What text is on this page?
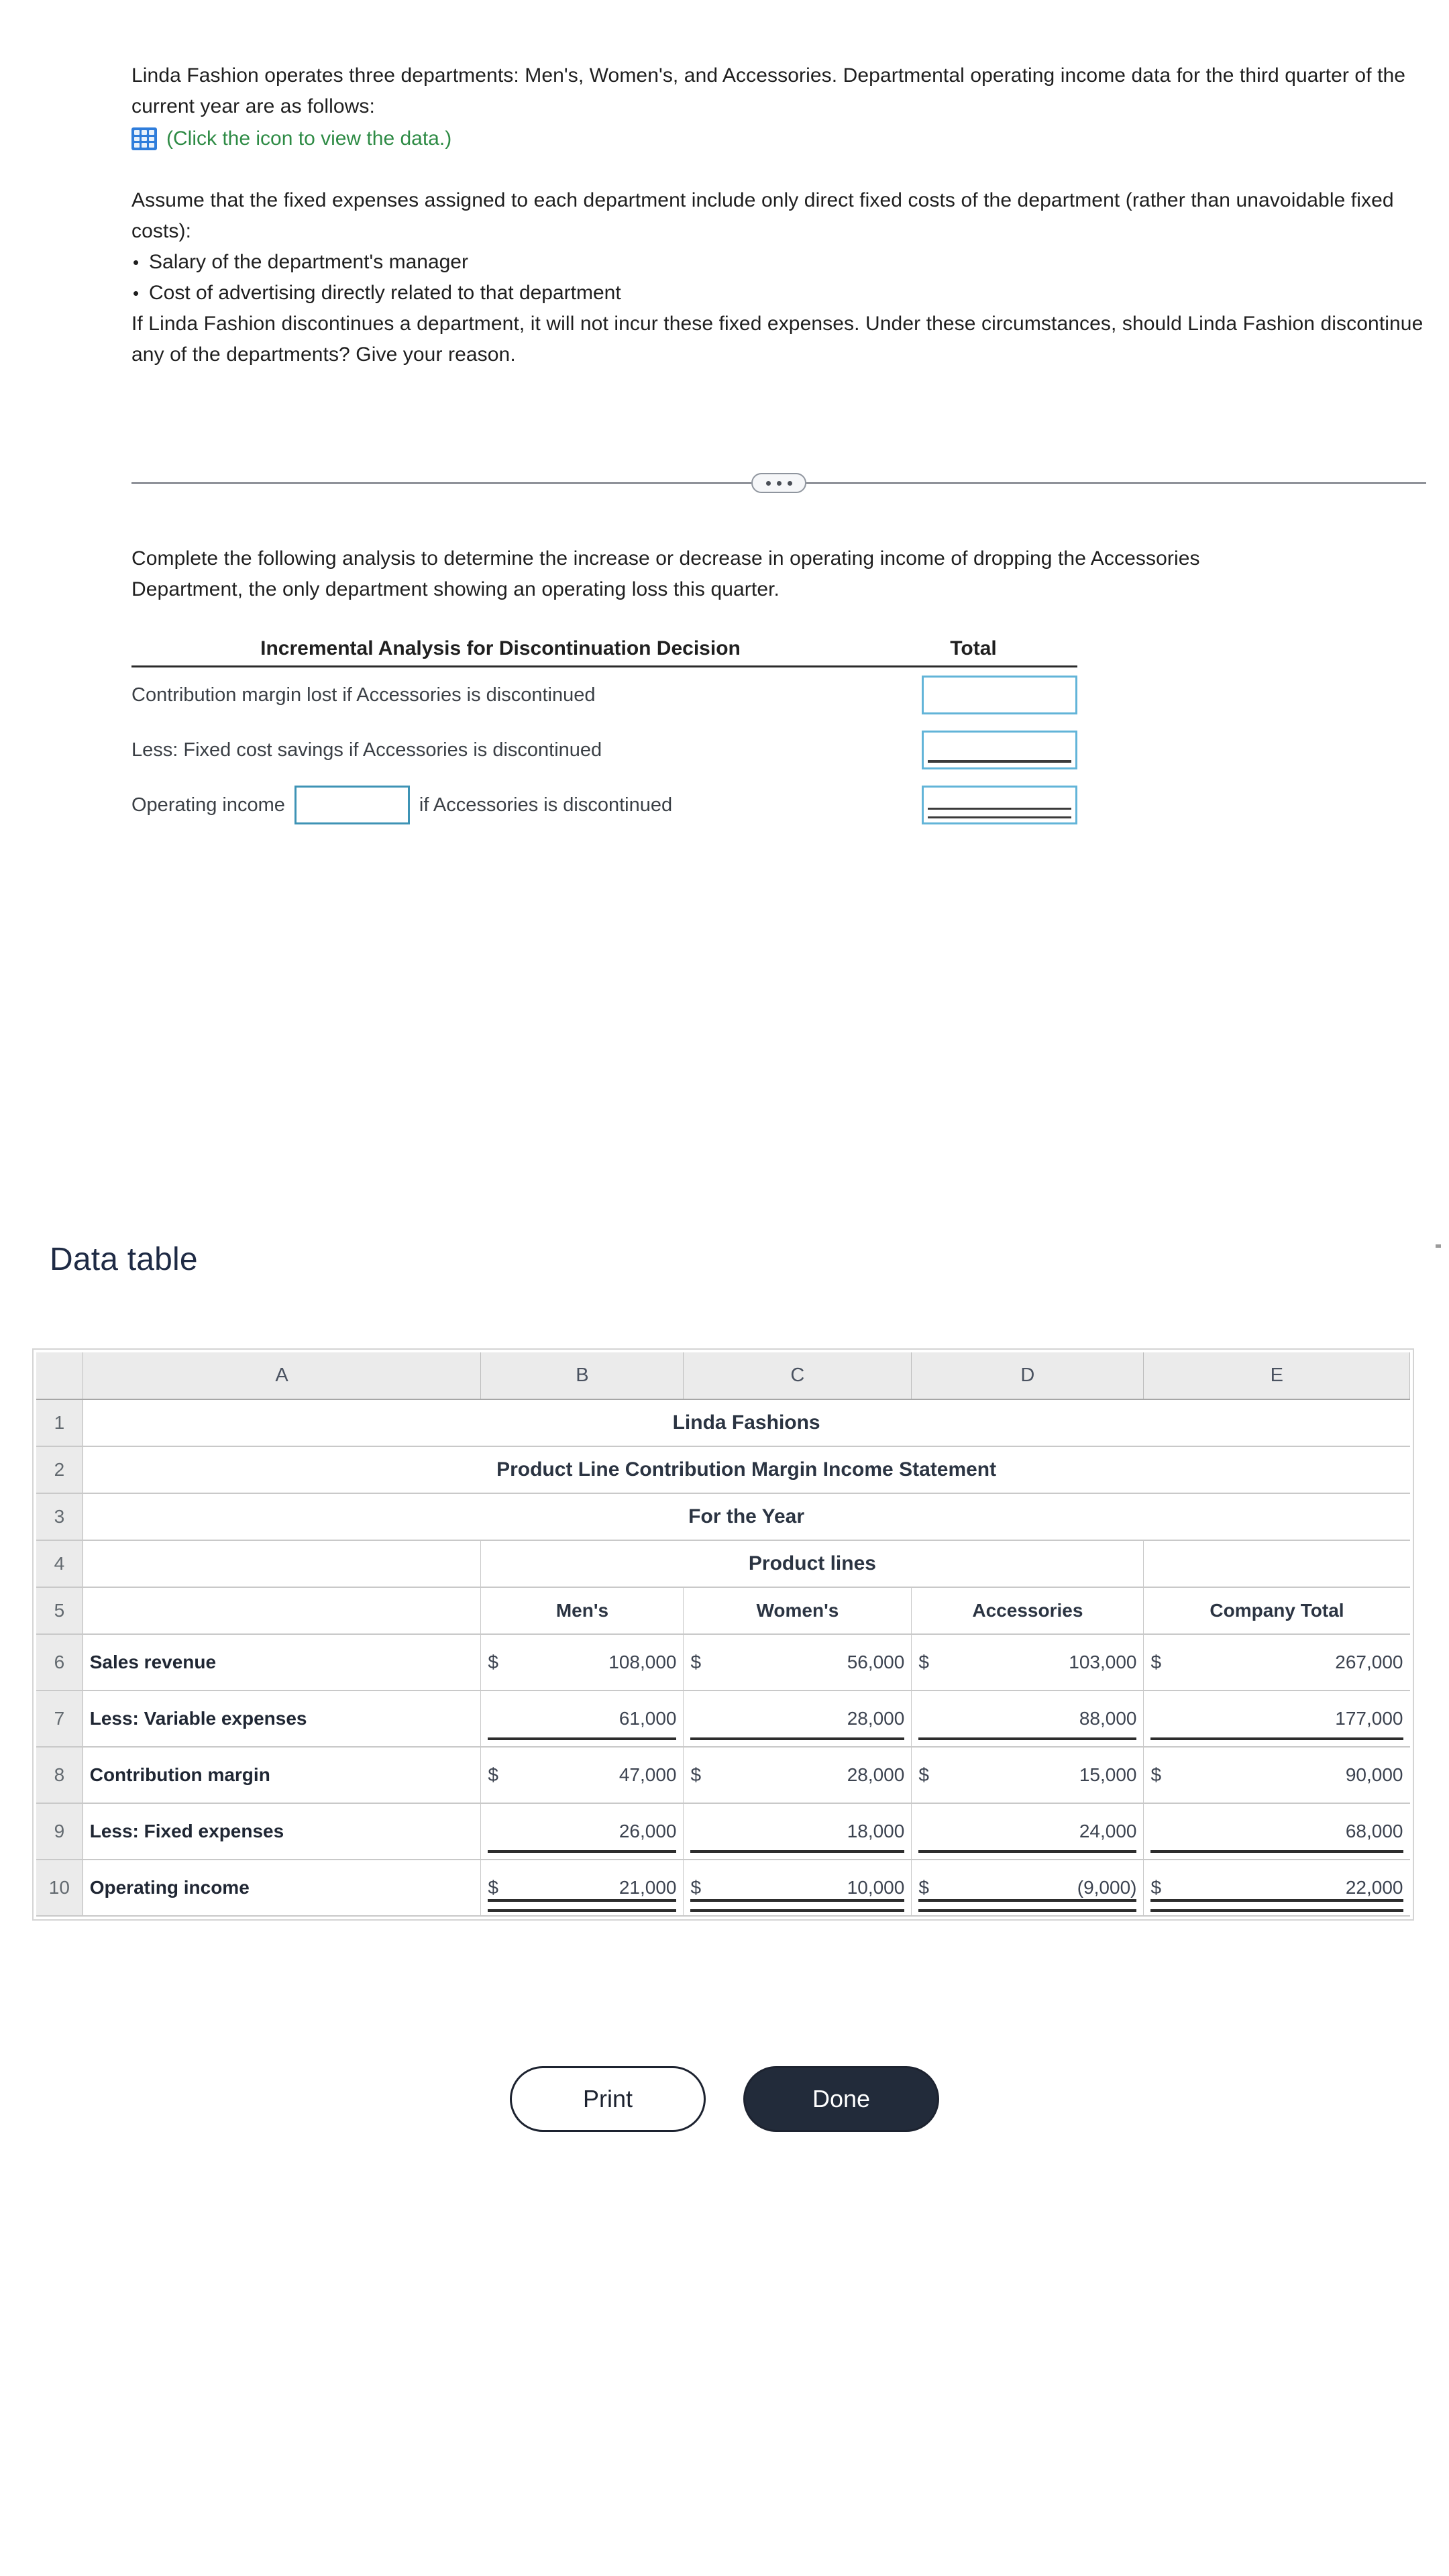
Linda Fashion operates three departments: Men's, Women's, and Accessories. Departmental operating income data for the third quarter of the current year are as follows:
(Click the icon to view the data.)
Assume that the fixed expenses assigned to each department include only direct fixed costs of the department (rather than unavoidable fixed costs):
• Salary of the department's manager
• Cost of advertising directly related to that department
If Linda Fashion discontinues a department, it will not incur these fixed expenses. Under these circumstances, should Linda Fashion discontinue any of the departments? Give your reason.
Complete the following analysis to determine the increase or decrease in operating income of dropping the Accessories Department, the only department showing an operating loss this quarter.
Incremental Analysis for Discontinuation Decision	Total
Contribution margin lost if Accessories is discontinued
Less: Fixed cost savings if Accessories is discontinued
Operating income	if Accessories is discontinued
Data table
	A	B	C	D	E
1	Linda Fashions				
2	Product Line Contribution Margin Income Statement				
3	For the Year				
4		Product lines			
5		Men's	Women's	Accessories	Company Total
6	Sales revenue	$ 108,000	$ 56,000	$ 103,000	$ 267,000

7	Less: Variable expenses	61,000	28,000	88,000	177,000

8	Contribution margin	$ 47,000	$ 28,000	$ 15,000	$ 90,000

9	Less: Fixed expenses	26,000	18,000	24,000	68,000

10	Operating income	$ 21,000	$ 10,000	$ (9,000)	$ 22,000
Print	Done
